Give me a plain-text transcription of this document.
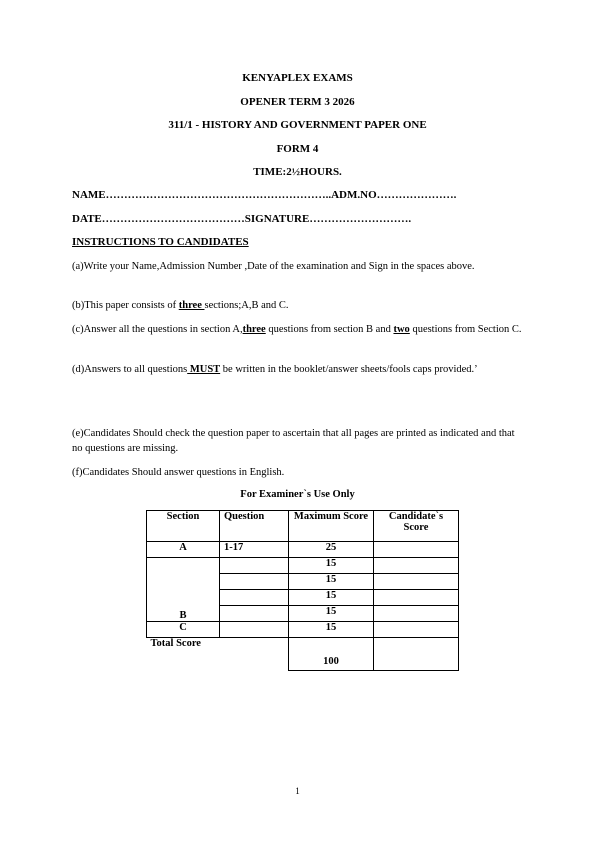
KENYAPLEX EXAMS
OPENER TERM 3 2026
311/1 - HISTORY AND GOVERNMENT PAPER ONE
FORM 4
TIME:2½HOURS.
NAME……………………………………………………..ADM.NO………………….
DATE…………………………………SIGNATURE……………………….
INSTRUCTIONS TO CANDIDATES
(a)Write your Name,Admission Number ,Date of the examination and Sign in the spaces above.
(b)This paper consists of three sections;A,B and C.
(c)Answer all the questions in section A,three questions from section B and two questions from Section C.
(d)Answers to all questions MUST be written in the booklet/answer sheets/fools caps provided.’
(e)Candidates Should check the question paper to ascertain that all pages are printed as indicated and that no questions are missing.
(f)Candidates Should answer questions in English.
For Examiner`s Use Only
Section	Question	Maximum Score	Candidate`s Score
A	1-17	25	
B		15	
		15	
		15	
		15	
C		15	
Total Score		100	
1
